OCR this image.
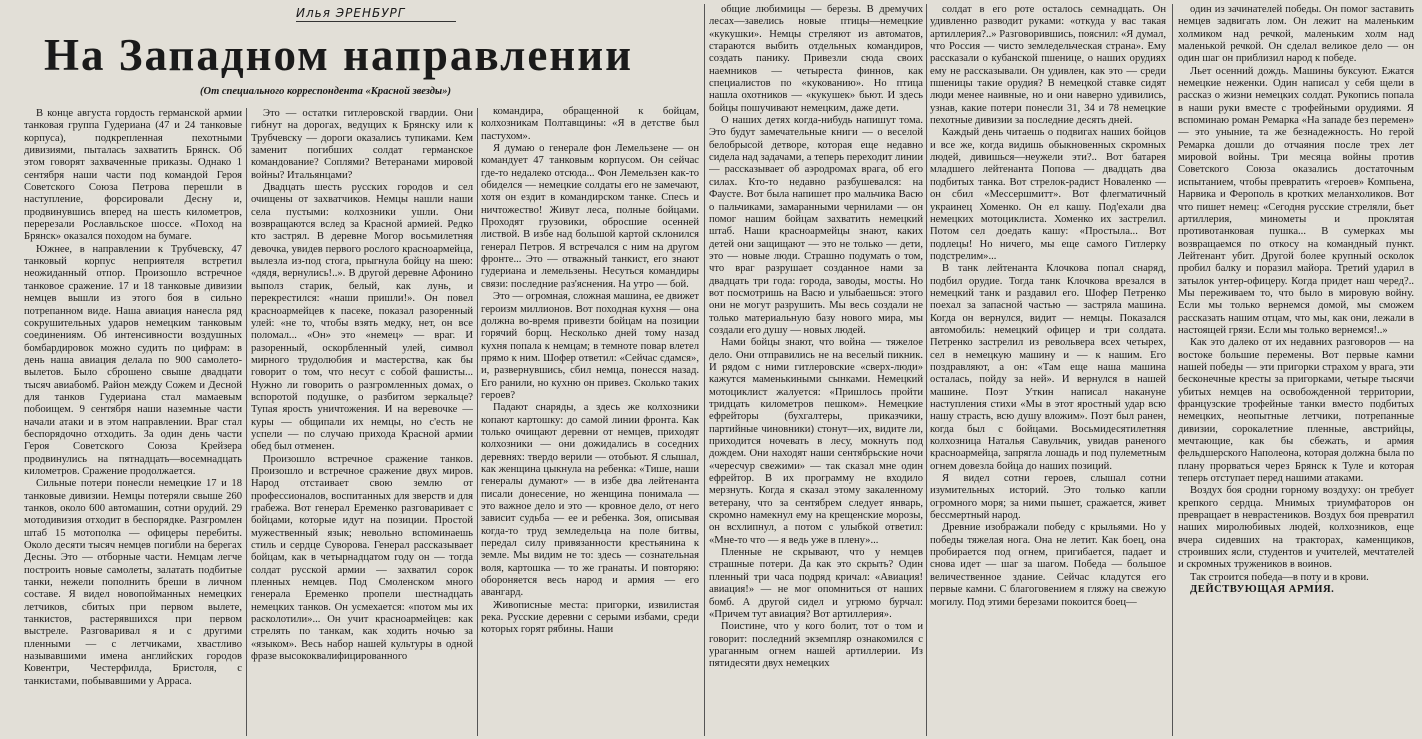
Илья ЭРЕНБУРГ
На Западном направлении
(От специального корреспондента «Красной звезды»)

В конце августа гордость германской армии танковая группа Гудериана (47 и 24 танковые корпуса), подкрепленная пехотными дивизиями, пыталась захватить Брянск. Об этом говорят захваченные приказы. Однако 1 сентября наши части под командой Героя Советского Союза Петрова перешли в наступление, форсировали Десну и, продвинувшись вперед на шесть километров, перерезали Рославльское шоссе. «Поход на Брянск» оказался походом на бумаге.

Южнее, в направлении к Трубчевску, 47 танковый корпус неприятеля встретил неожиданный отпор. Произошло встречное танковое сражение. 17 и 18 танковые дивизии немцев вышли из этого боя в сильно потрепанном виде. Наша авиация нанесла ряд сокрушительных ударов немецким танковым соединениям. Об интенсивности воздушных бомбардировок можно судить по цифрам: в день наша авиация делала по 900 самолето-вылетов. Было сброшено свыше двадцати тысяч авиабомб. Район между Сожем и Десной для танков Гудериана стал мамаевым побоищем. 9 сентября наши наземные части начали атаки и в этом направлении. Враг стал беспорядочно отходить. За один день части Героя Советского Союза Крейзера продвинулись на пятнадцать—восемнадцать километров. Сражение продолжается.

Сильные потери понесли немецкие 17 и 18 танковые дивизии. Немцы потеряли свыше 260 танков, около 600 автомашин, сотни орудий. 29 мотодивизия отходит в беспорядке. Разгромлен штаб 15 мотополка — офицеры перебиты. Около десяти тысяч немцев погибли на берегах Десны. Это — отборные части. Немцам легче построить новые самолеты, залатать подбитые танки, нежели пополнить бреши в личном составе. Я видел новопойманных немецких летчиков, сбитых при первом вылете, танкистов, растерявшихся при первом выстреле. Разговаривал я и с другими пленными — с летчиками, хвастливо называвшими имена английских городов Ковентри, Честерфилда, Бристоля, с танкистами, побывавшими у Арраса.

Это — остатки гитлеровской гвардии. Они гибнут на дорогах, ведущих к Брянску или к Трубчевску — дороги оказались тупиками. Кем заменит погибших солдат германское командование? Соплями? Ветеранами мировой войны? Итальянцами?

Двадцать шесть русских городов и сел очищены от захватчиков. Немцы нашли наши села пустыми: колхозники ушли. Они возвращаются вслед за Красной армией. Редко кто застрял. В деревне Могор восьмилетняя девочка, увидев первого рослого красноармейца, вылезла из-под стога, прыгнула бойцу на шею: «дядя, вернулись!..». В другой деревне Афонино выполз старик, белый, как лунь, и перекрестился: «наши пришли!». Он повел красноармейцев к пасеке, показал разоренный улей: «не то, чтобы взять медку, нет, он все поломал... «Он» это «немец» — враг. И разоренный, оскорбленный улей, символ мирного трудолюбия и мастерства, как бы говорит о том, что несут с собой фашисты... Нужно ли говорить о разгромленных домах, о вспоротой подушке, о разбитом зеркальце? Тупая ярость уничтожения. И на веревочке — куры — общипали их немцы, но с'есть не успели — по случаю прихода Красной армии обед был отменен.

Произошло встречное сражение танков. Произошло и встречное сражение двух миров. Народ отстаивает свою землю от профессионалов, воспитанных для зверств и для грабежа. Вот генерал Еременко разговаривает с бойцами, которые идут на позиции. Простой мужественный язык; невольно вспоминаешь стиль и сердце Суворова. Генерал рассказывает бойцам, как в четырнадцатом году он — тогда солдат русской армии — захватил сорок пленных немцев. Под Смоленском много генерала Еременко пропели шестнадцать немецких танков. Он усмехается: «потом мы их расколотили»... Он учит красноармейцев: как стрелять по танкам, как ходить ночью за «языком». Весь набор нашей культуры в одной фразе высококвалифицированного

командира, обращенной к бойцам, колхозникам Полтавщины: «Я в детстве был пастухом».

Я думаю о генерале фон Лемельзене — он командует 47 танковым корпусом. Он сейчас где-то недалеко отсюда... Фон Лемельзен как-то обиделся — немецкие солдаты его не замечают, хотя он ездит в командирском танке. Спесь и ничтожество! Живут леса, полные бойцами. Проходят грузовики, обросшие осенней листвой. В избе над большой картой склонился генерал Петров. Я встречался с ним на другом фронте... Это — отважный танкист, его знают гудериана и лемельзены. Несуться командиры связи: последние раз'яснения. На утро — бой.

Это — огромная, сложная машина, ее движет героизм миллионов. Вот походная кухня — она должна во-время привезти бойцам на позиции горячий борщ. Несколько дней тому назад кухня попала к немцам; в темноте повар влетел прямо к ним. Шофер ответил: «Сейчас сдамся», и, развернувшись, сбил немца, понесся назад. Его ранили, но кухню он привез. Сколько таких героев?

Падают снаряды, а здесь же колхозники копают картошку: до самой линии фронта. Как только очищают деревни от немцев, приходят колхозники — они дожидались в соседних деревнях: твердо верили — отобьют. Я слышал, как женщина цыкнула на ребенка: «Тише, наши генералы думают» — в избе два лейтенанта писали донесение, но женщина понимала — это важное дело и это — кровное дело, от него зависит судьба — ее и ребенка. Зоя, описывая когда-то труд земледельца на поле битвы, передал силу привязанности крестьянина к земле. Мы видим не то: здесь — сознательная воля, картошка — то же гранаты. И повторяю: обороняется весь народ и армия — его авангард.

Живописные места: пригорки, извилистая река. Русские деревни с серыми избами, среди которых горят рябины. Наши

общие любимицы — березы. В дремучих лесах—завелись новые птицы—немецкие «кукушки». Немцы стреляют из автоматов, стараются выбить отдельных командиров, создать панику. Привезли сюда своих наемников — четыреста финнов, как специалистов по «кукованию». Но птица нашла охотников — «кукушек» бьют. И здесь бойцы пошучивают немецким, даже дети.

О наших детях когда-нибудь напишут тома. Это будут замечательные книги — о веселой белобрысой детворе, которая еще недавно сидела над задачами, а теперь переходит линии — рассказывает об аэродромах врага, об его силах. Кто-то недавно разбушевался: на Фаусте. Вот была напишет про мальчика Васю о пальчиками, замаранными чернилами — он помог нашим бойцам захватить немецкий штаб. Наши красноармейцы знают, каких детей они защищают — это не только — дети, это — новые люди. Страшно подумать о том, что враг разрушает созданное нами за двадцать три года: города, заводы, мосты. Но вот посмотришь на Васю и улыбаешься: этого они не могут разрушить. Мы весь создали не только материальную базу нового мира, мы создали его душу — новых людей.

Нами бойцы знают, что война — тяжелое дело. Они отправились не на веселый пикник. И рядом с ними гитлеровские «сверх-люди» кажутся маменькиными сынками. Немецкий мотоциклист жалуется: «Пришлось пройти тридцать километров пешком». Немецкие ефрейторы (бухгалтеры, приказчики, партийные чиновники) стонут—их, видите ли, приходится ночевать в лесу, мокнуть под дождем. Они находят наши сентябрьские ночи «чересчур свежими» — так сказал мне один ефрейтор. В их программу не входило мерзнуть. Когда я сказал этому закаленному ветерану, что за сентябрем следует январь, скромно намекнул ему на крещенские морозы, он всхлипнул, а потом с улыбкой ответил: «Мне-то что — я ведь уже в плену»...

Пленные не скрывают, что у немцев страшные потери. Да как это скрыть? Один пленный три часа подряд кричал: «Авиация! авиация!» — не мог опомниться от наших бомб. А другой сидел и угрюмо бурчал: «Причем тут авиация? Вот артиллерия».

Поистине, что у кого болит, тот о том и говорит: последний экземпляр ознакомился с ураганным огнем нашей артиллерии. Из пятидесяти двух немецких

солдат в его роте осталось семнадцать. Он удивленно разводит руками: «откуда у вас такая артиллерия?..» Разговорившись, пояснил: «Я думал, что Россия — чисто земледельческая страна». Ему рассказали о кубанской пшенице, о наших орудиях ему не рассказывали. Он удивлен, как это — среди пшеницы такие орудия? В немецкой ставке сидят люди менее наивные, но и они наверно удивились, узнав, какие потери понесли 31, 34 и 78 немецкие пехотные дивизии за последние десять дней.

Каждый день читаешь о подвигах наших бойцов и все же, когда видишь обыкновенных скромных людей, дивишься—неужели эти?.. Вот батарея младшего лейтенанта Попова — двадцать два подбитых танка. Вот стрелок-радист Новаленко — он сбил «Мессершмитт». Вот флегматичный украинец Хоменко. Он ел кашу. Под'ехали два немецких мотоциклиста. Хоменко их застрелил. Потом сел доедать кашу: «Простыла... Вот подлецы! Но ничего, мы еще самого Гитлерку подстрелим»...

В танк лейтенанта Клочкова попал снаряд, подбил орудие. Тогда танк Клочкова врезался в немецкий танк и раздавил его. Шофер Петренко поехал за запасной частью — застряла машина. Когда он вернулся, видит — немцы. Показался автомобиль: немецкий офицер и три солдата. Петренко застрелил из револьвера всех четырех, сел в немецкую машину и — к нашим. Его поздравляют, а он: «Там еще наша машина осталась, пойду за ней». И вернулся в нашей машине. Поэт Уткин написал накануне наступления стихи «Мы в этот яростный удар всю нашу страсть, всю душу вложим». Поэт был ранен, когда был с бойцами. Восьмидесятилетняя колхозница Наталья Савульчик, увидав раненого красноармейца, запрягла лошадь и под пулеметным огнем довезла бойца до наших позиций.

Я видел сотни героев, слышал сотни изумительных историй. Это только капли огромного моря; за ними пышет, сражается, живет бессмертный народ.

Древние изображали победу с крыльями. Но у победы тяжелая нога. Она не летит. Как боец, она пробирается под огнем, пригибается, падает и снова идет — шаг за шагом. Победа — большое величественное здание. Сейчас кладутся его первые камни. С благоговением я гляжу на свежую могилу. Под этими березами покоится боец—

один из зачинателей победы. Он помог заставить немцев задвигать лом. Он лежит на маленьким холмиком над речкой, маленьким холм над маленькой речкой. Он сделал великое дело — он один шаг он приблизил народ к победе.

Льет осенний дождь. Машины буксуют. Ежатся немецкие неженки. Один написал у себя щели в рассказ о жизни немецких солдат. Рукопись попала в наши руки вместе с трофейными орудиями. Я вспоминаю роман Ремарка «На западе без перемен» — это уныние, та же безнадежность. Но герой Ремарка дошли до отчаяния после трех лет мировой войны. Три месяца войны против Советского Союза оказались достаточным испытанием, чтобы превратить «героев» Компьена, Нарвика и Ферополь в кротких меланхоликов. Вот что пишет немец: «Сегодня русские стреляли, бьет артиллерия, минометы и проклятая противотанковая пушка... В сумерках мы возвращаемся по откосу на командный пункт. Лейтенант убит. Другой более крупный осколок пробил балку и поразил майора. Третий ударил в затылок унтер-офицеру. Когда придет наш черед?.. Мы переживаем то, что было в мировую войну. Если мы только вернемся домой, мы сможем рассказать нашим отцам, что мы, как они, лежали в настоящей грязи. Если мы только вернемся!..»

Как это далеко от их недавних разговоров — на востоке большие перемены. Вот первые камни нашей победы — эти пригорки страхом у врага, эти бесконечные кресты за пригорками, четыре тысячи убитых немцев на освобожденной территории, французские трофейные танки вместо подбитых немецких, неопытные летчики, потрепанные дивизии, сорокалетние пленные, австрийцы, мечтающие, как бы сбежать, и армия фельдшерского Наполеона, которая должна была по плану прорваться через Брянск к Туле и которая теперь отступает перед нашими атаками.

Воздух боя сродни горному воздуху: он требует крепкого сердца. Мнимых триумфаторов он превращает в неврастеников. Воздух боя превратил наших миролюбивых людей, колхозников, еще вчера сидевших на тракторах, каменщиков, строивших ясли, студентов и учителей, мечтателей и скромных тружеников в воинов.

Так строится победа—в поту и в крови.

ДЕЙСТВУЮЩАЯ АРМИЯ.
